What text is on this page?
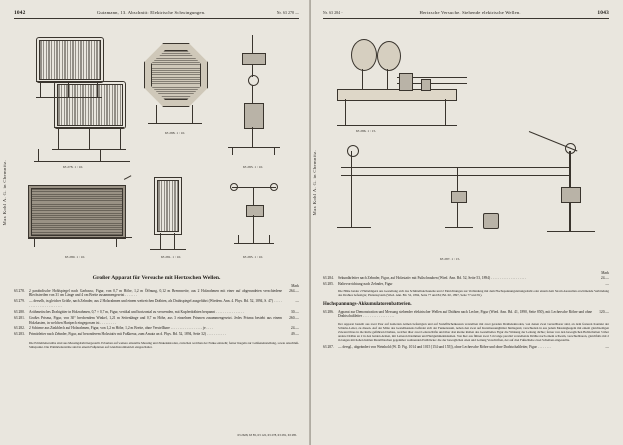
1042	Gutzmann, 13. Abschnitt: Elektrische Schwingungen.	Nr. 63 278 —
Max Kohl A. G. in Chemnitz.	63 278. 1 : 10.
63 288. 1 : 10.
63 283. 1 : 10.
63 280. 1 : 10.	63 281. 1 : 10.	63 285. 1 : 10.
Großer Apparat für Versuche mit Hertzschen Wellen.
Mark
63 278.	2 parabolische Hohlspiegel nach Garbasso, Figur, von 0,7 m Höhe, 1,2 m Öffnung, 0,12 m Brennweite, aus 2 Holzrahmen mit einer auf abgerundeten verschiedene Blechstreifen von 31 cm Länge und 4 cm Breite zusammengesetzt . . . . . . .	264.—
63 279.	— derselb, in gleicher Größe, nach Zehnder, aus 2 Holzrahmen und einem weitreichen Drähten, als Drahtspiegel ausgeführt (Wiedem. Ann. 4. Phys. Bd. 52, 1894, S. 47) . . . . . . . . . . . . . . . . . . . . . . . .	—
63 280.	Arithmetisches Drahtgitter in Holzrahmen, 0,7 × 0,7 m, Figur, vertikal und horizontal zu verwenden, mit Kupferdrähten bespannt . . . . . . . . . . . . . . . .	30.—
63 281.	Großes Prisma, Figur, von 30° brechendem Winkel, 1,21 m Seitenlänge und 0,7 m Höhe, aus 3 einzelnen Prismen zusammengesetzt. Jedes Prisma besteht aus einem Holzkasten, in welchen Hartpech eingegossen ist . . . . . . . . .	260.—
63 282.	2 Schirme aus Zinkblech auf Holzrahmen, Figur, von 1,2 m Höhe, 1,2 m Breite, ohne Verstellbare . . . . . . . . . . . . . . . . . . je . . . .	24.—
63 283.	Primärleiter nach Zehnder, Figur, auf besonderem Holzstativ mit Fußkreuz, zum Ansatz an d. Phys. Bd. 52, 1894, Seite 32) . . . . . . . . . . .	49.—
Die Primärleiterstäbe sind aus Messingdraht hergestellt. Erlauben auf weitere einstellte Messing und Zinkelektroden, zwischen welchen der Funke entsteht; ferner Kugeln zur Größeneinstellung, sowie Anschluß-Stützpunkt. Die Primärleiterstäbe sind in einem Fußplatten auf Gleichstrombetrieb eingeschaltet.
63 2628, 63 85, 63 122, 63 278, 63 281, 63 285.
Nr. 63 284 -	Hertzsche Versuche. Stehende elektrische Wellen.	1043
Max Kohl A. G. in Chemnitz.
63 286. 1 : 15.
63 287. 1 : 15.
Mark
63 284.	Sekundärleiter nach Zehnder, Figur, auf Holzstativ mit Fußschrauben (Wied. Ann. Bd. 52, Seite 53, 1894) . . . . . . . . . . . . . . . . . . . .	24.—
63 285.	Haltevorrichtung nach Zehnder, Figur	—
Die Höhe beider 2 Haltebügern ans Gestellung sich das Schüttelholzbauteile und 2 Einrichtungen zur Verbindung mit dem Hochspannungsleitungsdraht oder einem dem Strom Ausstellen erwärmende Verbindung des Drahtes befestigte; Plattensystem (Wied. Ann. Bd. 52, 1894, Seite 77 und 84; Bd. 60, 1897, Seite 77 und 81).
Hochspannungs-Akkumulatorenbatterien.
63 286.	Apparat zur Demonstration und Messung stehender elektrischer Wellen auf Drähten nach Lecher, Figur (Wied. Ann. Bd. 41, 1890, Seite 850), mit Lechersche Röhre und ohne Drahtschaltleiter . . . . . . . . . . . . . . . . . .	120.—
Der Apparat besteht aus zwei Paar auf isolierten Armen befestigten und auf Standflächenkasten verstellten mit zwei geraden Drahtelektroden, von denen zwei verstellbarer sind, an dem festeren Kontakt der Schiebe-Leiter, zu diesen. Auf der Mitte des Gestellkastens befindet sich der Funkenraum, neben den zwei auf Kurzmessunghütter hinliegend, verschieden in aus jedem Messingkugeln mit einem gleichzeitigen Zuwand ihres in die Rolle geführten Drahtes, welcher über zwei Leiterschäfte und über drei kleine Rollen des Gestellteiles Figur die Wirkung der Leitung dichte; ferner von den beweglichen Hohlschalten 3 über andere Drähte an 2 in den beiden Armen, mit Leiteren Klemmen und Hartgummeinklauben. Von hier aus führen zwei 3 m lange parallel verstellende Drähte nach einem schwam, verschiebbaren, gleichfalls mit 2 m langen mit hohen hohlen Metallblechen gegenüber wohnenden Endblöcke: die der beweglichen oben und Leitung Vorschriften, der auf drei Fußschiebe zwei Scheiben eingestellte.
63 287.	— dersgl., abgeändert von Weinhold (W. D. Fig. 1014 und 1015 [154 und 155]), ohne Lechersche Röhre und ohne Drahtschaltleiter, Figur . . . . . . . .	—
